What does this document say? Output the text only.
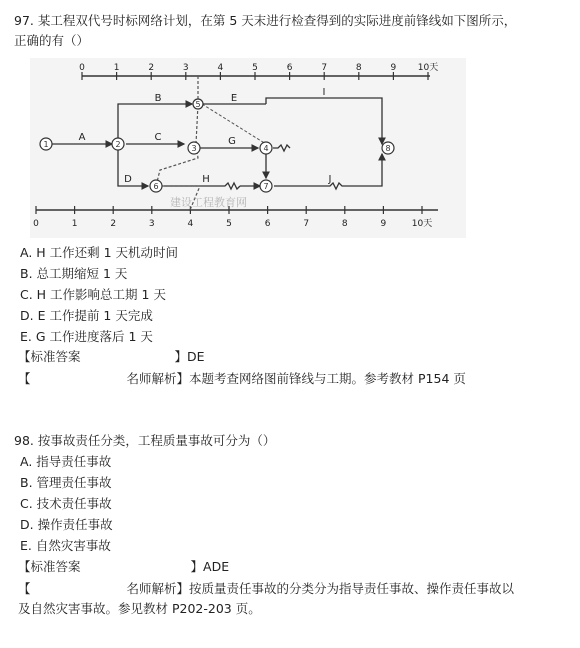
97. 某工程双代号时标网络计划，在第 5 天末进行检查得到的实际进度前锋线如下图所示，
正确的有（）
0	1	2	3	4	5	6	7	8	9 10天
0	1	2	3	4	5	6	7	8	9	10天
1	2	3	4
5
6	7
8
A
B
C
D
E
G
H
I
J
建设工程教育网
A. H 工作还剩 1 天机动时间
B. 总工期缩短 1 天
C. H 工作影响总工期 1 天
D. E 工作提前 1 天完成
E. G 工作进度落后 1 天
【标准答案	】DE
【	名师解析】本题考查网络图前锋线与工期。参考教材 P154 页
98. 按事故责任分类，工程质量事故可分为（）
A. 指导责任事故
B. 管理责任事故
C. 技术责任事故
D. 操作责任事故
E. 自然灾害事故
【标准答案	】ADE
【	名师解析】按质量责任事故的分类分为指导责任事故、操作责任事故以
及自然灾害事故。参见教材 P202-203 页。
